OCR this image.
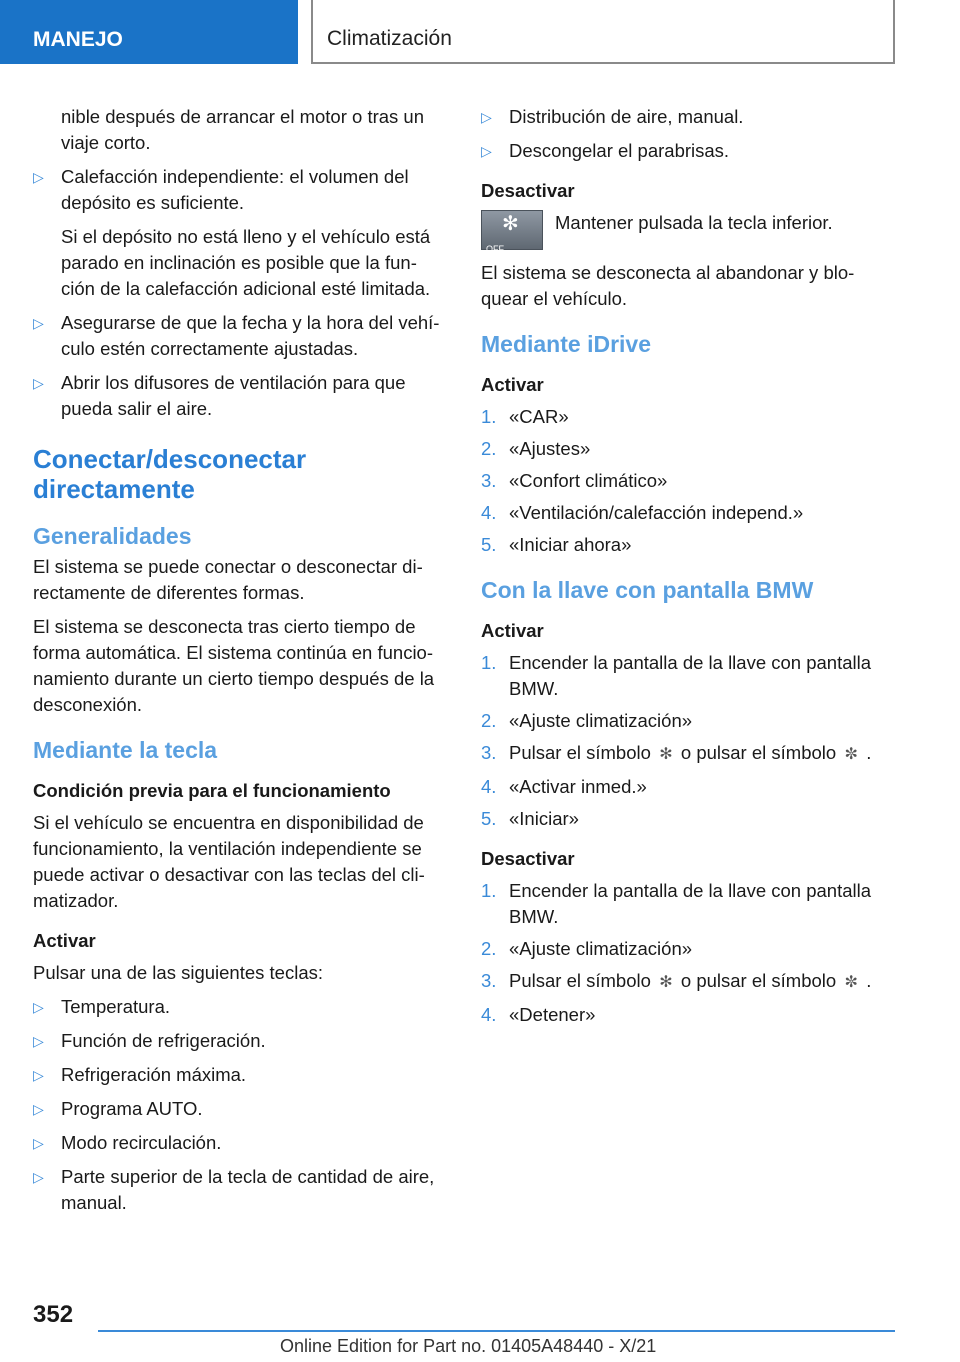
MANEJO	Climatización

nible después de arrancar el motor o tras un viaje corto.

▷ Calefacción independiente: el volumen del depósito es suficiente.

Si el depósito no está lleno y el vehículo está parado en inclinación es posible que la fun-ción de la calefacción adicional esté limitada.

▷ Asegurarse de que la fecha y la hora del vehí-culo estén correctamente ajustadas.
▷ Abrir los difusores de ventilación para que pueda salir el aire.
Conectar/desconectar directamente
Generalidades

El sistema se puede conectar o desconectar di-rectamente de diferentes formas.

El sistema se desconecta tras cierto tiempo de forma automática. El sistema continúa en funcio-namiento durante un cierto tiempo después de la desconexión.

Mediante la tecla
Condición previa para el funcionamiento

Si el vehículo se encuentra en disponibilidad de funcionamiento, la ventilación independiente se puede activar o desactivar con las teclas del cli-matizador.

Activar

Pulsar una de las siguientes teclas:

▷ Temperatura.
▷ Función de refrigeración.
▷ Refrigeración máxima.
▷ Programa AUTO.
▷ Modo recirculación.
▷ Parte superior de la tecla de cantidad de aire, manual.
▷ Distribución de aire, manual.
▷ Descongelar el parabrisas.
Desactivar
✻
OFF
Mantener pulsada la tecla inferior.

El sistema se desconecta al abandonar y blo-quear el vehículo.

Mediante iDrive
Activar
1. «CAR»
2. «Ajustes»
3. «Confort climático»
4. «Ventilación/calefacción independ.»
5. «Iniciar ahora»
Con la llave con pantalla BMW
Activar
1. Encender la pantalla de la llave con pantalla BMW.
2. «Ajuste climatización»
3. Pulsar el símbolo ✻ o pulsar el símbolo ✼ .
4. «Activar inmed.»
5. «Iniciar»
Desactivar
1. Encender la pantalla de la llave con pantalla BMW.
2. «Ajuste climatización»
3. Pulsar el símbolo ✻ o pulsar el símbolo ✼ .
4. «Detener»
352
Online Edition for Part no. 01405A48440 - X/21
